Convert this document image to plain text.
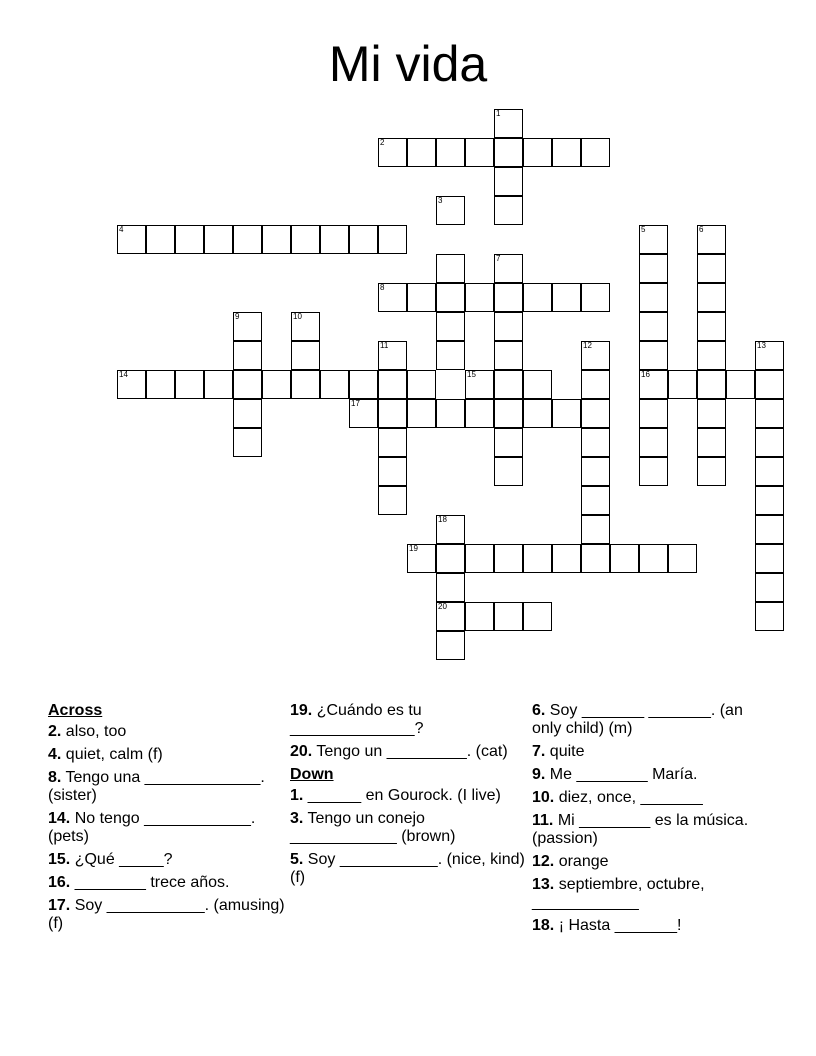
Mi vida
2
1
4
3
7
8
9	10
14	15
11
17
12
5
16
6
13
18
20
19
Across
2. also, too
4. quiet, calm (f)
8. Tengo una _____________. (sister)
14. No tengo ____________. (pets)
15. ¿Qué _____?
16. ________ trece años.
17. Soy ___________. (amusing) (f)
19. ¿Cuándo es tu ______________?
20. Tengo un _________. (cat)
Down
1. ______ en Gourock. (I live)
3. Tengo un conejo ____________ (brown)
5. Soy ___________. (nice, kind) (f)
6. Soy _______ _______. (an only child) (m)
7. quite
9. Me ________ María.
10. diez, once, _______
11. Mi ________ es la música. (passion)
12. orange
13. septiembre, octubre, ____________
18. ¡ Hasta _______!
